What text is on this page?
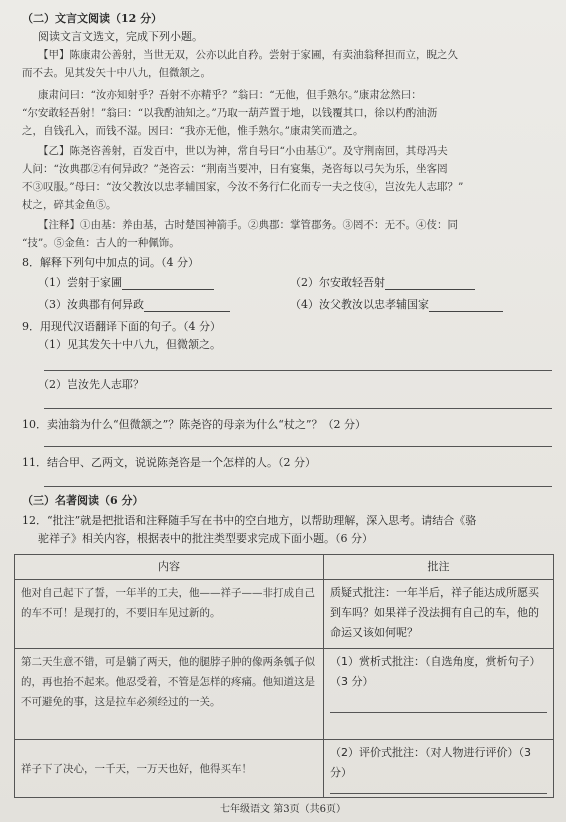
（二）文言文阅读（12 分）
阅读文言文选文，完成下列小题。
【甲】陈康肃公善射，当世无双，公亦以此自矜。尝射于家圃，有卖油翁释担而立，睨之久
而不去。见其发矢十中八九，但微颔之。
康肃问曰：“汝亦知射乎？吾射不亦精乎？”翁曰：“无他，但手熟尔。”康肃忿然曰：
“尔安敢轻吾射！”翁曰：“以我酌油知之。”乃取一葫芦置于地，以钱覆其口，徐以杓酌油沥
之，自钱孔入，而钱不湿。因曰：“我亦无他，惟手熟尔。”康肃笑而遣之。
【乙】陈尧咨善射，百发百中，世以为神，常自号曰“小由基①”。及守荆南回，其母冯夫
人问：“汝典郡②有何异政？”尧咨云：“荆南当要冲，日有宴集，尧咨每以弓矢为乐，坐客罔
不③叹服。”母曰：“汝父教汝以忠孝辅国家，今汝不务行仁化而专一夫之伎④，岂汝先人志耶？”
杖之，碎其金鱼⑤。
【注释】①由基：养由基，古时楚国神箭手。②典郡：掌管郡务。③罔不：无不。④伎：同
“技”。⑤金鱼：古人的一种佩饰。
8．解释下列句中加点的词。（4 分）
（1）尝射于家圃	（2）尔安敢轻吾射
（3）汝典郡有何异政	（4）汝父教汝以忠孝辅国家
9．用现代汉语翻译下面的句子。（4 分）
（1）见其发矢十中八九，但微颔之。
（2）岂汝先人志耶？
10．卖油翁为什么“但微颔之”？陈尧咨的母亲为什么“杖之”？（2 分）
11．结合甲、乙两文，说说陈尧咨是一个怎样的人。（2 分）
（三）名著阅读（6 分）
12．“批注”就是把批语和注释随手写在书中的空白地方，以帮助理解，深入思考。请结合《骆
驼祥子》相关内容，根据表中的批注类型要求完成下面小题。（6 分）
内容	批注
他对自己起下了誓，一年半的工夫，他——祥子——非打成自己的车不可！是现打的，不要旧车见过新的。	质疑式批注：一年半后，祥子能达成所愿买到车吗？如果祥子没法拥有自己的车，他的命运又该如何呢？
第二天生意不错，可是躺了两天，他的腿脖子肿的像两条瓠子似的，再也抬不起来。他忍受着，不管是怎样的疼痛。他知道这是不可避免的事，这是拉车必须经过的一关。	（1）赏析式批注：（自选角度，赏析句子）（3 分）

祥子下了决心，一千天，一万天也好，他得买车！	（2）评价式批注：（对人物进行评价）（3 分）
七年级语文 第3页（共6页）
